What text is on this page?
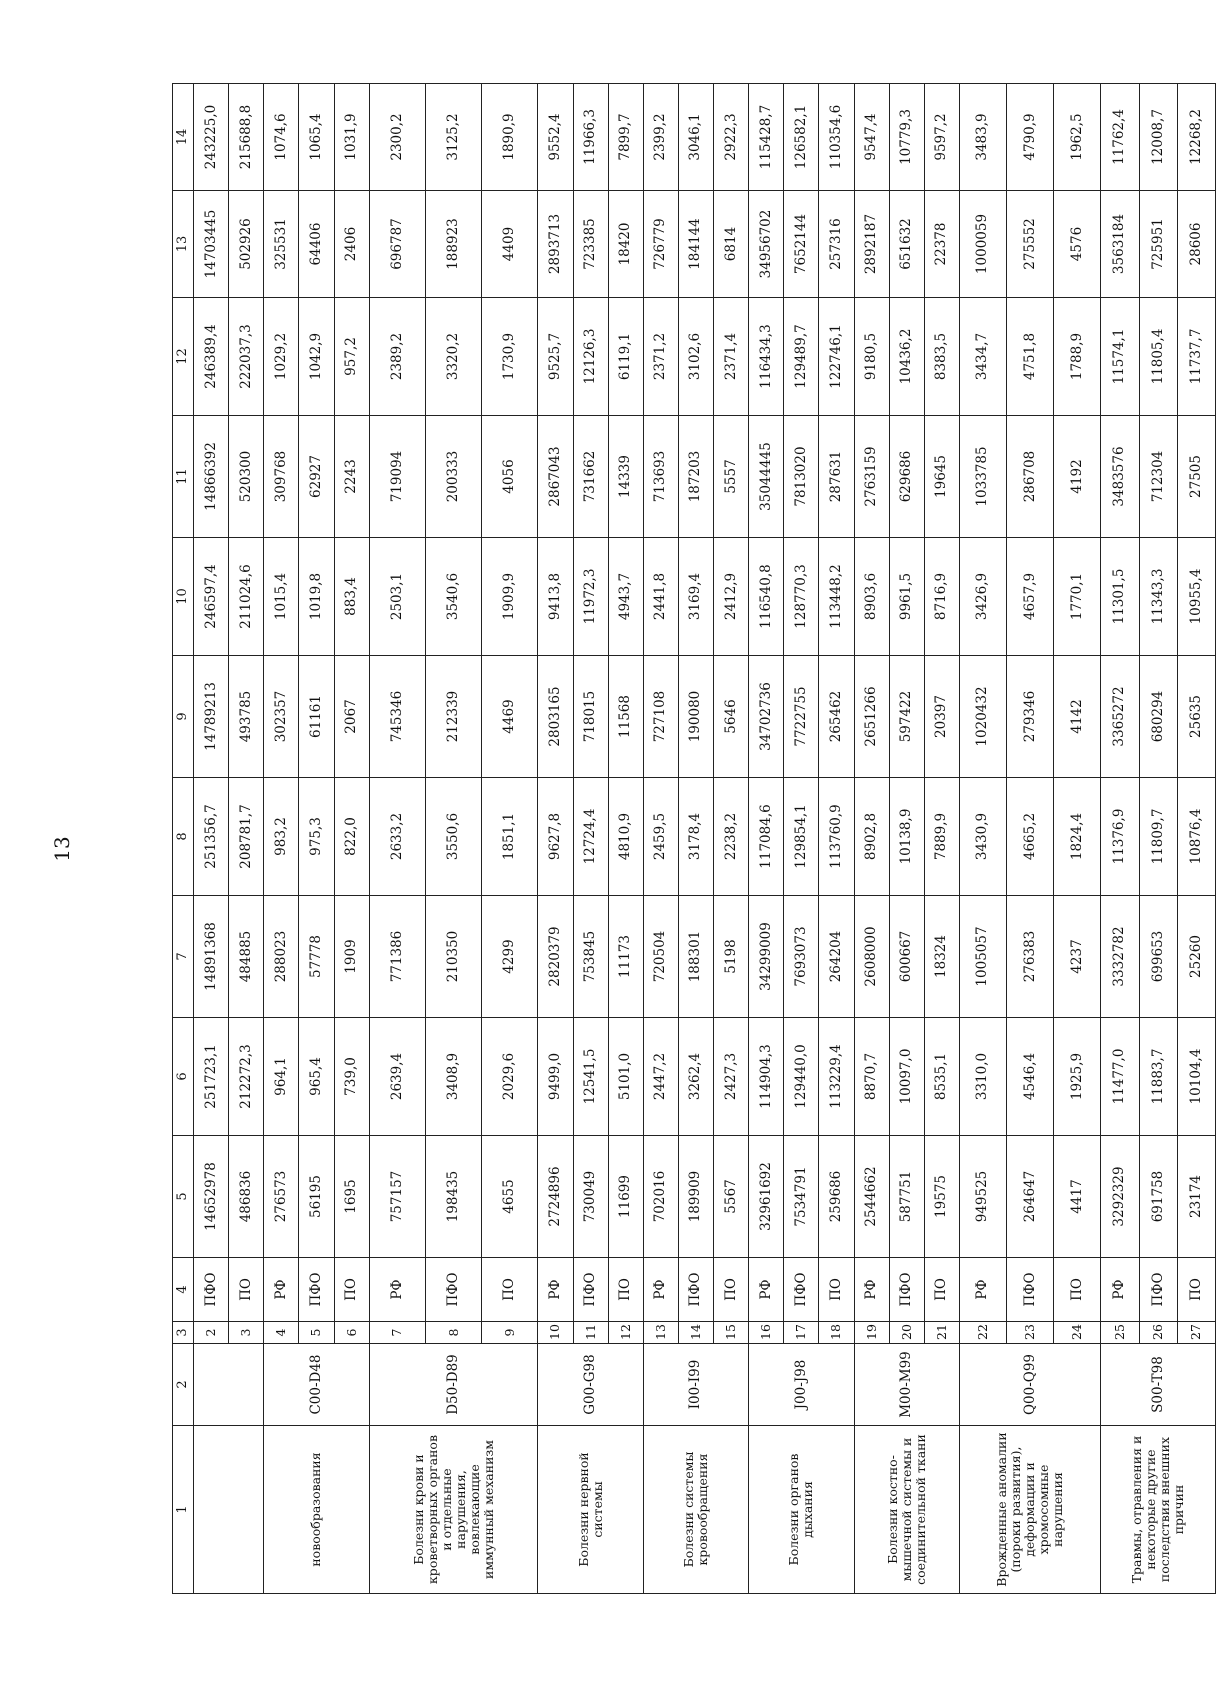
13
1	2	3	4	5	6	7	8	9	10	11	12	13	14
		2	ПФО	14652978	251723,1	14891368	251356,7	14789213	246597,4	14866392	246389,4	14703445	243225,0
		3	ПО	486836	212272,3	484885	208781,7	493785	211024,6	520300	222037,3	502926	215688,8
новообразования	C00-D48	4	РФ	276573	964,1	288023	983,2	302357	1015,4	309768	1029,2	325531	1074,6
		5	ПФО	56195	965,4	57778	975,3	61161	1019,8	62927	1042,9	64406	1065,4
		6	ПО	1695	739,0	1909	822,0	2067	883,4	2243	957,2	2406	1031,9
Болезни крови и кроветворных органов и отдельные нарушения, вовлекающие иммунный механизм	D50-D89	7	РФ	757157	2639,4	771386	2633,2	745346	2503,1	719094	2389,2	696787	2300,2
		8	ПФО	198435	3408,9	210350	3550,6	212339	3540,6	200333	3320,2	188923	3125,2
		9	ПО	4655	2029,6	4299	1851,1	4469	1909,9	4056	1730,9	4409	1890,9
Болезни нервной системы	G00-G98	10	РФ	2724896	9499,0	2820379	9627,8	2803165	9413,8	2867043	9525,7	2893713	9552,4
		11	ПФО	730049	12541,5	753845	12724,4	718015	11972,3	731662	12126,3	723385	11966,3
		12	ПО	11699	5101,0	11173	4810,9	11568	4943,7	14339	6119,1	18420	7899,7
Болезни системы кровообращения	I00-I99	13	РФ	702016	2447,2	720504	2459,5	727108	2441,8	713693	2371,2	726779	2399,2
		14	ПФО	189909	3262,4	188301	3178,4	190080	3169,4	187203	3102,6	184144	3046,1
		15	ПО	5567	2427,3	5198	2238,2	5646	2412,9	5557	2371,4	6814	2922,3
Болезни органов дыхания	J00-J98	16	РФ	32961692	114904,3	34299009	117084,6	34702736	116540,8	35044445	116434,3	34956702	115428,7
		17	ПФО	7534791	129440,0	7693073	129854,1	7722755	128770,3	7813020	129489,7	7652144	126582,1
		18	ПО	259686	113229,4	264204	113760,9	265462	113448,2	287631	122746,1	257316	110354,6
Болезни костно-мышечной системы и соединительной ткани	M00-M99	19	РФ	2544662	8870,7	2608000	8902,8	2651266	8903,6	2763159	9180,5	2892187	9547,4
		20	ПФО	587751	10097,0	600667	10138,9	597422	9961,5	629686	10436,2	651632	10779,3
		21	ПО	19575	8535,1	18324	7889,9	20397	8716,9	19645	8383,5	22378	9597,2
Врожденные аномалии (пороки развития), деформации и хромосомные нарушения	Q00-Q99	22	РФ	949525	3310,0	1005057	3430,9	1020432	3426,9	1033785	3434,7	1000059	3483,9
		23	ПФО	264647	4546,4	276383	4665,2	279346	4657,9	286708	4751,8	275552	4790,9
		24	ПО	4417	1925,9	4237	1824,4	4142	1770,1	4192	1788,9	4576	1962,5
Травмы, отравления и некоторые другие последствия внешних причин	S00-T98	25	РФ	3292329	11477,0	3332782	11376,9	3365272	11301,5	3483576	11574,1	3563184	11762,4
		26	ПФО	691758	11883,7	699653	11809,7	680294	11343,3	712304	11805,4	725951	12008,7
		27	ПО	23174	10104,4	25260	10876,4	25635	10955,4	27505	11737,7	28606	12268,2
